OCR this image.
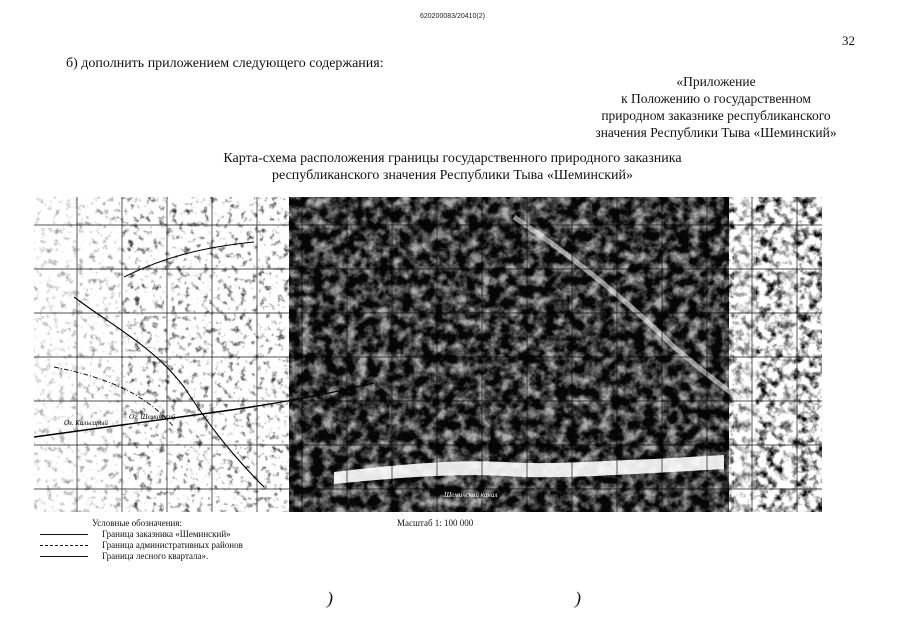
620200083/20410(2)
32
б) дополнить приложением следующего содержания:
«Приложение
к Положению о государственном
природном заказнике республиканского
значения Республики Тыва «Шеминский»
Карта-схема расположения границы государственного природного заказника
республиканского значения Республики Тыва «Шеминский»
Оз. Кальсарый
Оз. Шеминский
Шеминский канал
Условные обозначения:
Граница заказника «Шеминский»
Граница административных районов
Граница лесного квартала».
Масштаб 1: 100 000
)	)
